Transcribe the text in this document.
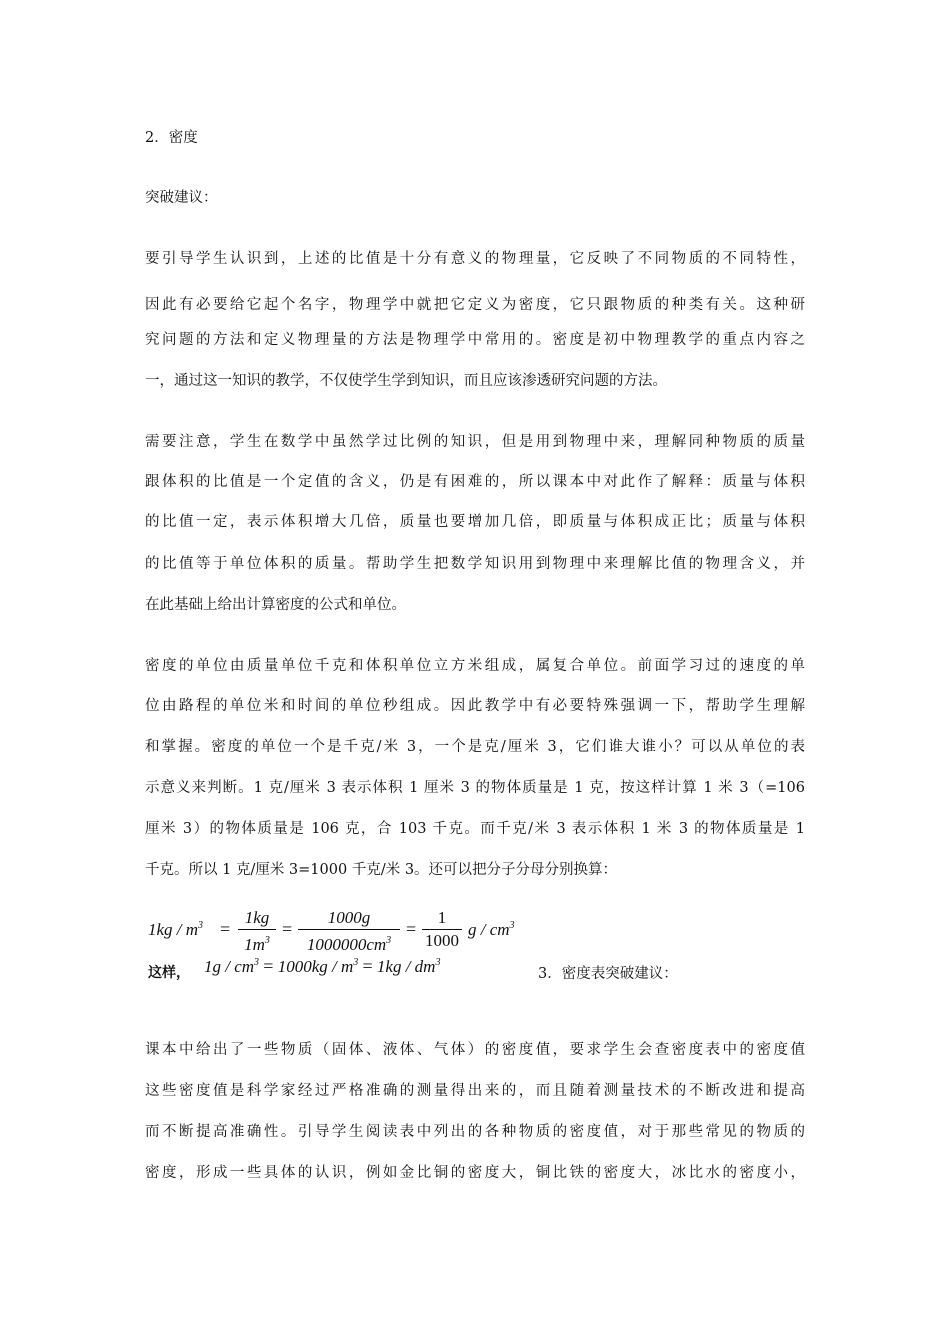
2．密度
突破建议：
要引导学生认识到，上述的比值是十分有意义的物理量，它反映了不同物质的不同特性，
因此有必要给它起个名字，物理学中就把它定义为密度，它只跟物质的种类有关。这种研
究问题的方法和定义物理量的方法是物理学中常用的。密度是初中物理教学的重点内容之
一，通过这一知识的教学，不仅使学生学到知识，而且应该渗透研究问题的方法。
需要注意，学生在数学中虽然学过比例的知识，但是用到物理中来，理解同种物质的质量
跟体积的比值是一个定值的含义，仍是有困难的，所以课本中对此作了解释：质量与体积
的比值一定，表示体积增大几倍，质量也要增加几倍，即质量与体积成正比；质量与体积
的比值等于单位体积的质量。帮助学生把数学知识用到物理中来理解比值的物理含义，并
在此基础上给出计算密度的公式和单位。
密度的单位由质量单位千克和体积单位立方米组成，属复合单位。前面学习过的速度的单
位由路程的单位米和时间的单位秒组成。因此教学中有必要特殊强调一下，帮助学生理解
和掌握。密度的单位一个是千克/米 3，一个是克/厘米 3，它们谁大谁小？可以从单位的表
示意义来判断。1 克/厘米 3 表示体积 1 厘米 3 的物体质量是 1 克，按这样计算 1 米 3（=106
厘米 3）的物体质量是 106 克，合 103 千克。而千克/米 3 表示体积 1 米 3 的物体质量是 1
千克。所以 1 克/厘米 3=1000 千克/米 3。还可以把分子分母分别换算：
$1kg / m^3$ =
1kg
$1m^3$
=
1000g
$1000000cm^3$
=
1
1000
g / $cm^3$
这样， $1g / cm^3 = 1000kg / m^3 = 1kg / dm^3$
3．密度表突破建议：
课本中给出了一些物质（固体、液体、气体）的密度值，要求学生会查密度表中的密度值
这些密度值是科学家经过严格准确的测量得出来的，而且随着测量技术的不断改进和提高
而不断提高准确性。引导学生阅读表中列出的各种物质的密度值，对于那些常见的物质的
密度，形成一些具体的认识，例如金比铜的密度大，铜比铁的密度大，冰比水的密度小，
